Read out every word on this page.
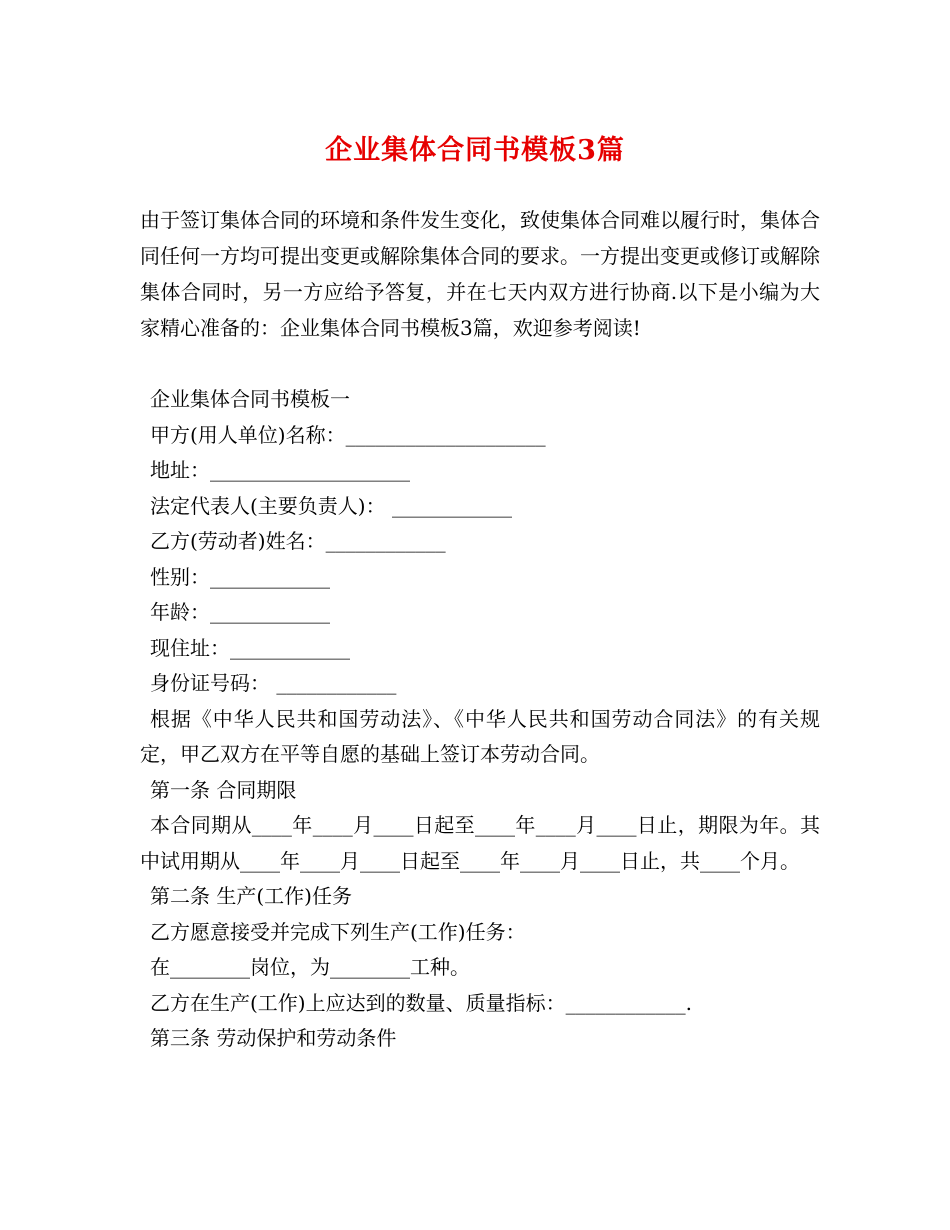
企业集体合同书模板3篇
由于签订集体合同的环境和条件发生变化，致使集体合同难以履行时，集体合同任何一方均可提出变更或解除集体合同的要求。一方提出变更或修订或解除集体合同时，另一方应给予答复，并在七天内双方进行协商.以下是小编为大家精心准备的：企业集体合同书模板3篇，欢迎参考阅读!
企业集体合同书模板一
甲方(用人单位)名称：____________________
地址：____________________
法定代表人(主要负责人)： ____________
乙方(劳动者)姓名：____________
性别：____________
年龄：____________
现住址：____________
身份证号码： ____________
根据《中华人民共和国劳动法》、《中华人民共和国劳动合同法》的有关规定，甲乙双方在平等自愿的基础上签订本劳动合同。
第一条 合同期限
本合同期从____年____月____日起至____年____月____日止，期限为年。其中试用期从____年____月____日起至____年____月____日止，共____个月。
第二条 生产(工作)任务
乙方愿意接受并完成下列生产(工作)任务：
在________岗位，为________工种。
乙方在生产(工作)上应达到的数量、质量指标：____________.
第三条 劳动保护和劳动条件
